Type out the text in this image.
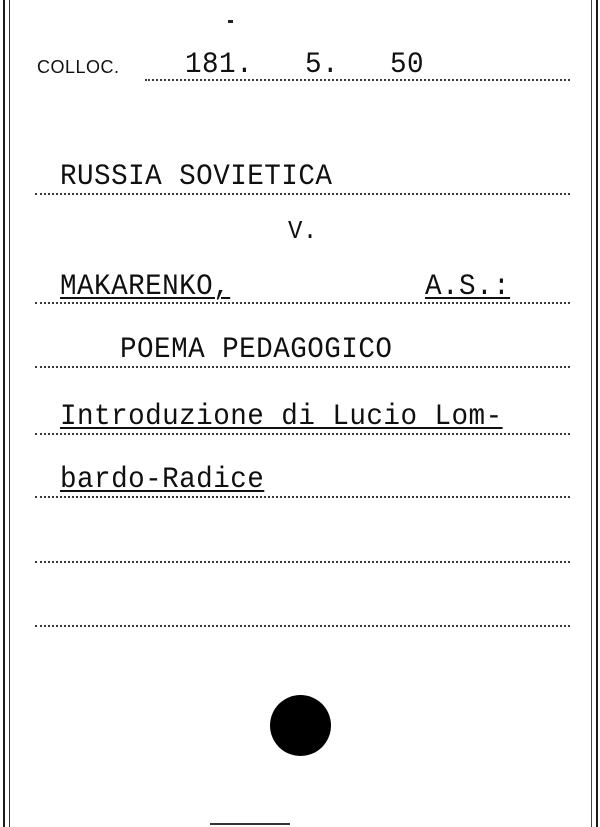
COLLOC. 181. 5. 50
RUSSIA SOVIETICA
V.
MAKARENKO,	A.S.:
POEMA PEDAGOGICO
Introduzione di Lucio Lom-
bardo-Radice
